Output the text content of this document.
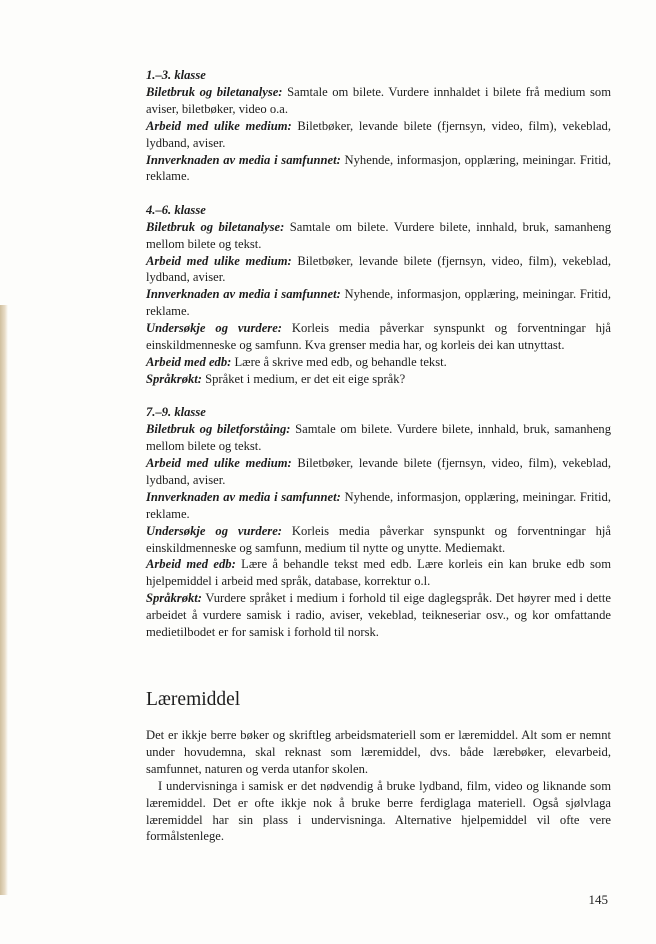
1.–3. klasse

Biletbruk og biletanalyse: Samtale om bilete. Vurdere innhaldet i bilete frå medium som aviser, biletbøker, video o.a.

Arbeid med ulike medium: Biletbøker, levande bilete (fjernsyn, video, film), vekeblad, lydband, aviser.

Innverknaden av media i samfunnet: Nyhende, informasjon, opplæring, meiningar. Fritid, reklame.

4.–6. klasse

Biletbruk og biletanalyse: Samtale om bilete. Vurdere bilete, innhald, bruk, samanheng mellom bilete og tekst.

Arbeid med ulike medium: Biletbøker, levande bilete (fjernsyn, video, film), vekeblad, lydband, aviser.

Innverknaden av media i samfunnet: Nyhende, informasjon, opplæring, meiningar. Fritid, reklame.

Undersøkje og vurdere: Korleis media påverkar synspunkt og forventningar hjå einskildmenneske og samfunn. Kva grenser media har, og korleis dei kan utnyttast.

Arbeid med edb: Lære å skrive med edb, og behandle tekst.

Språkrøkt: Språket i medium, er det eit eige språk?

7.–9. klasse

Biletbruk og biletforståing: Samtale om bilete. Vurdere bilete, innhald, bruk, samanheng mellom bilete og tekst.

Arbeid med ulike medium: Biletbøker, levande bilete (fjernsyn, video, film), vekeblad, lydband, aviser.

Innverknaden av media i samfunnet: Nyhende, informasjon, opplæring, meiningar. Fritid, reklame.

Undersøkje og vurdere: Korleis media påverkar synspunkt og forventningar hjå einskildmenneske og samfunn, medium til nytte og unytte. Mediemakt.

Arbeid med edb: Lære å behandle tekst med edb. Lære korleis ein kan bruke edb som hjelpemiddel i arbeid med språk, database, korrektur o.l.

Språkrøkt: Vurdere språket i medium i forhold til eige daglegspråk. Det høyrer med i dette arbeidet å vurdere samisk i radio, aviser, vekeblad, teikneseriar osv., og kor omfattande medietilbodet er for samisk i forhold til norsk.

Læremiddel

Det er ikkje berre bøker og skriftleg arbeidsmateriell som er læremiddel. Alt som er nemnt under hovudemna, skal reknast som læremiddel, dvs. både lærebøker, elevarbeid, samfunnet, naturen og verda utanfor skolen.

I undervisninga i samisk er det nødvendig å bruke lydband, film, video og liknande som læremiddel. Det er ofte ikkje nok å bruke berre ferdiglaga materiell. Også sjølvlaga læremiddel har sin plass i undervisninga. Alternative hjelpemiddel vil ofte vere formålstenlege.

145
